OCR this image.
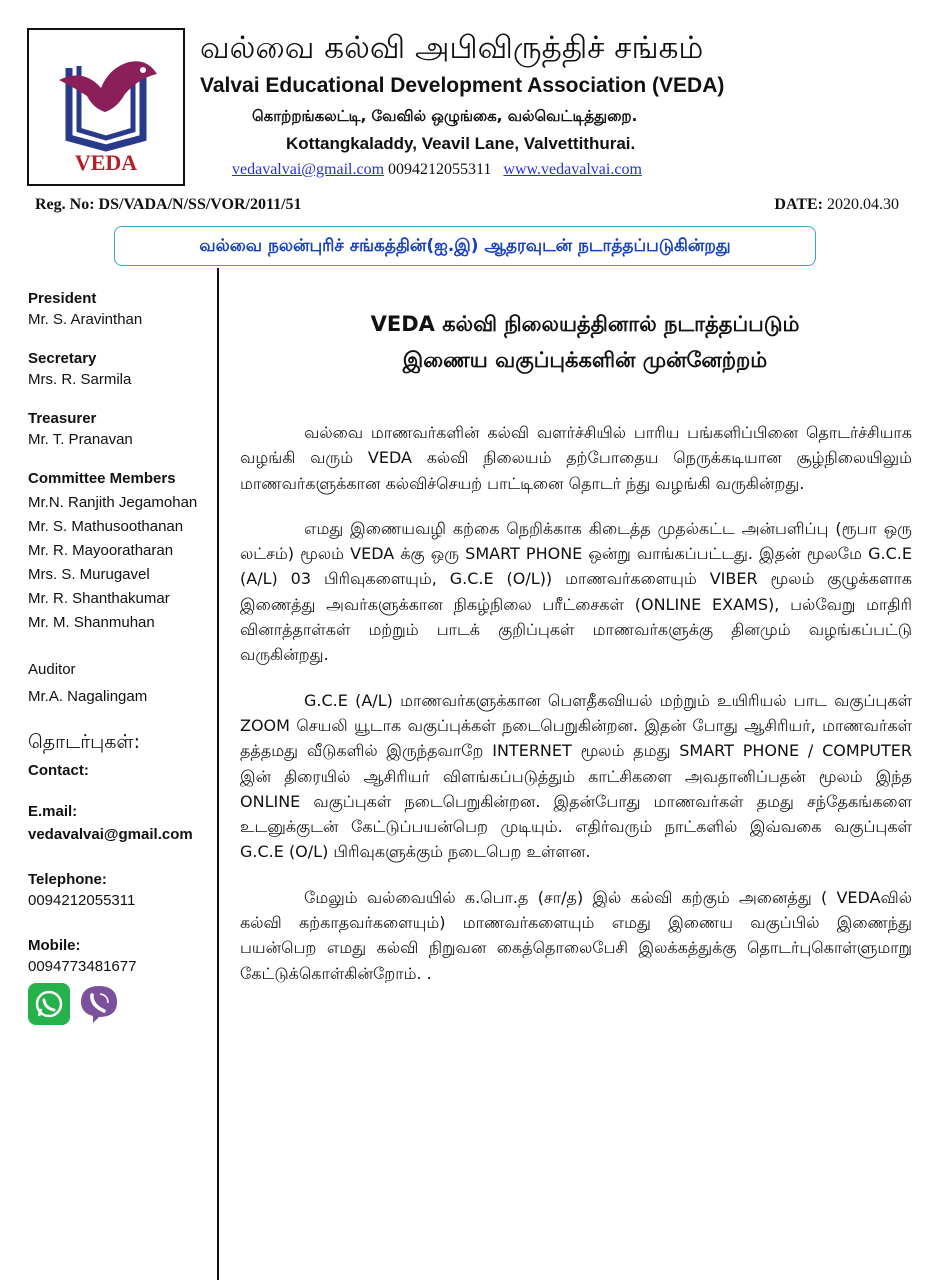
VEDA
வல்வை கல்வி அபிவிருத்திச் சங்கம்
Valvai Educational Development Association (VEDA)
கொற்றங்கலட்டி, வேவில் ஒழுங்கை, வல்வெட்டித்துறை.
Kottangkaladdy, Veavil Lane, Valvettithurai.
vedavalvai@gmail.com 0094212055311 www.vedavalvai.com
Reg. No: DS/VADA/N/SS/VOR/2011/51	DATE: 2020.04.30
வல்வை நலன்புரிச் சங்கத்தின்(ஐ.இ) ஆதரவுடன் நடாத்தப்படுகின்றது

President

Mr. S. Aravinthan

Secretary

Mrs. R. Sarmila

Treasurer

Mr. T. Pranavan

Committee Members

Mr.N. Ranjith Jegamohan
Mr. S. Mathusoothanan
Mr. R. Mayooratharan
Mrs. S. Murugavel
Mr. R. Shanthakumar
Mr. M. Shanmuhan

Auditor

Mr.A. Nagalingam

தொடர்புகள்:

Contact:

E.mail:

vedavalvai@gmail.com

Telephone:

0094212055311

Mobile:

0094773481677

VEDA கல்வி நிலையத்தினால் நடாத்தப்படும்
இணைய வகுப்புக்களின் முன்னேற்றம்

வல்வை மாணவர்களின் கல்வி வளர்ச்சியில் பாரிய பங்களிப்பினை தொடர்ச்சியாக வழங்கி வரும் VEDA கல்வி நிலையம் தற்போதைய நெருக்கடியான சூழ்நிலையிலும் மாணவர்களுக்கான கல்விச்செயற் பாட்டினை தொடர் ந்து வழங்கி வருகின்றது.

எமது இணையவழி கற்கை நெறிக்காக கிடைத்த முதல்கட்ட அன்பளிப்பு (ரூபா ஒரு லட்சம்) மூலம் VEDA க்கு ஒரு SMART PHONE ஒன்று வாங்கப்பட்டது. இதன் மூலமே G.C.E (A/L) 03 பிரிவுகளையும், G.C.E (O/L)) மாணவர்களையும் VIBER மூலம் குழுக்களாக இணைத்து அவர்களுக்கான நிகழ்நிலை பரீட்சைகள் (ONLINE EXAMS), பல்வேறு மாதிரி வினாத்தாள்கள் மற்றும் பாடக் குறிப்புகள் மாணவர்களுக்கு தினமும் வழங்கப்பட்டு வருகின்றது.

G.C.E (A/L) மாணவர்களுக்கான பௌதீகவியல் மற்றும் உயிரியல் பாட வகுப்புகள் ZOOM செயலி யூடாக வகுப்புக்கள் நடைபெறுகின்றன. இதன் போது ஆசிரியர், மாணவர்கள் தத்தமது வீடுகளில் இருந்தவாறே INTERNET மூலம் தமது SMART PHONE / COMPUTER இன் திரையில் ஆசிரியர் விளங்கப்படுத்தும் காட்சிகளை அவதானிப்பதன் மூலம் இந்த ONLINE வகுப்புகள் நடைபெறுகின்றன. இதன்போது மாணவர்கள் தமது சந்தேகங்களை உடனுக்குடன் கேட்டுப்பயன்பெற முடியும். எதிர்வரும் நாட்களில் இவ்வகை வகுப்புகள் G.C.E (O/L) பிரிவுகளுக்கும் நடைபெற உள்ளன.

மேலும் வல்வையில் க.பொ.த (சா/த) இல் கல்வி கற்கும் அனைத்து ( VEDAவில் கல்வி கற்காதவர்களையும்) மாணவர்களையும் எமது இணைய வகுப்பில் இணைந்து பயன்பெற எமது கல்வி நிறுவன கைத்தொலைபேசி இலக்கத்துக்கு தொடர்புகொள்ளுமாறு கேட்டுக்கொள்கின்றோம். .
